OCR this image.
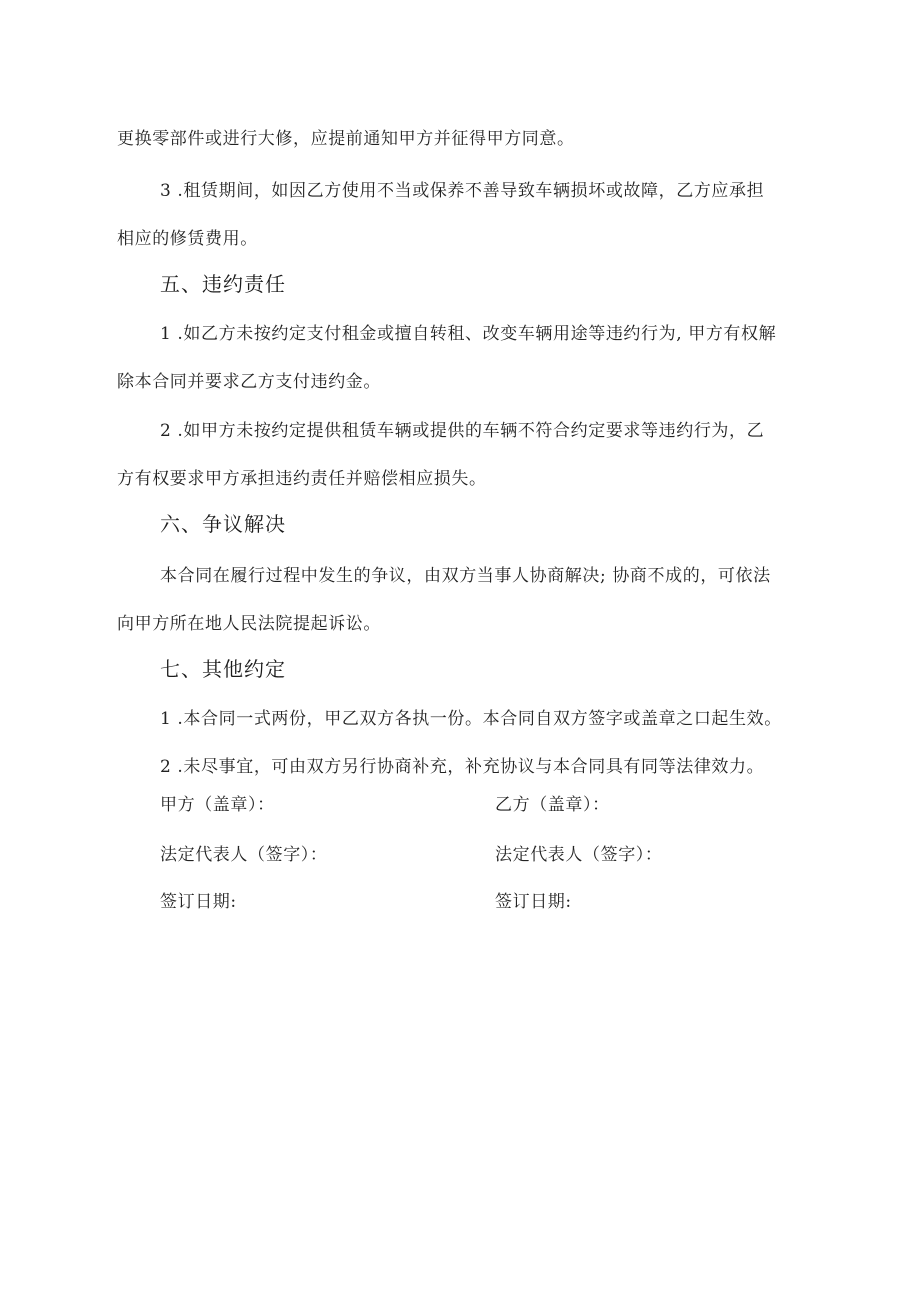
更换零部件或进行大修，应提前通知甲方并征得甲方同意。
3 .租赁期间，如因乙方使用不当或保养不善导致车辆损坏或故障，乙方应承担
相应的修赁费用。
五、违约责任
1 .如乙方未按约定支付租金或擅自转租、改变车辆用途等违约行为, 甲方有权解
除本合同并要求乙方支付违约金。
2 .如甲方未按约定提供租赁车辆或提供的车辆不符合约定要求等违约行为，乙
方有权要求甲方承担违约责任并赔偿相应损失。
六、争议解决
本合同在履行过程中发生的争议，由双方当事人协商解决; 协商不成的，可依法
向甲方所在地人民法院提起诉讼。
七、其他约定
1 .本合同一式两份，甲乙双方各执一份。本合同自双方签字或盖章之口起生效。
2 .未尽事宜，可由双方另行协商补充，补充协议与本合同具有同等法律效力。
甲方（盖章）：	乙方（盖章）：
法定代表人（签字）：	法定代表人（签字）：
签订日期:	签订日期:
